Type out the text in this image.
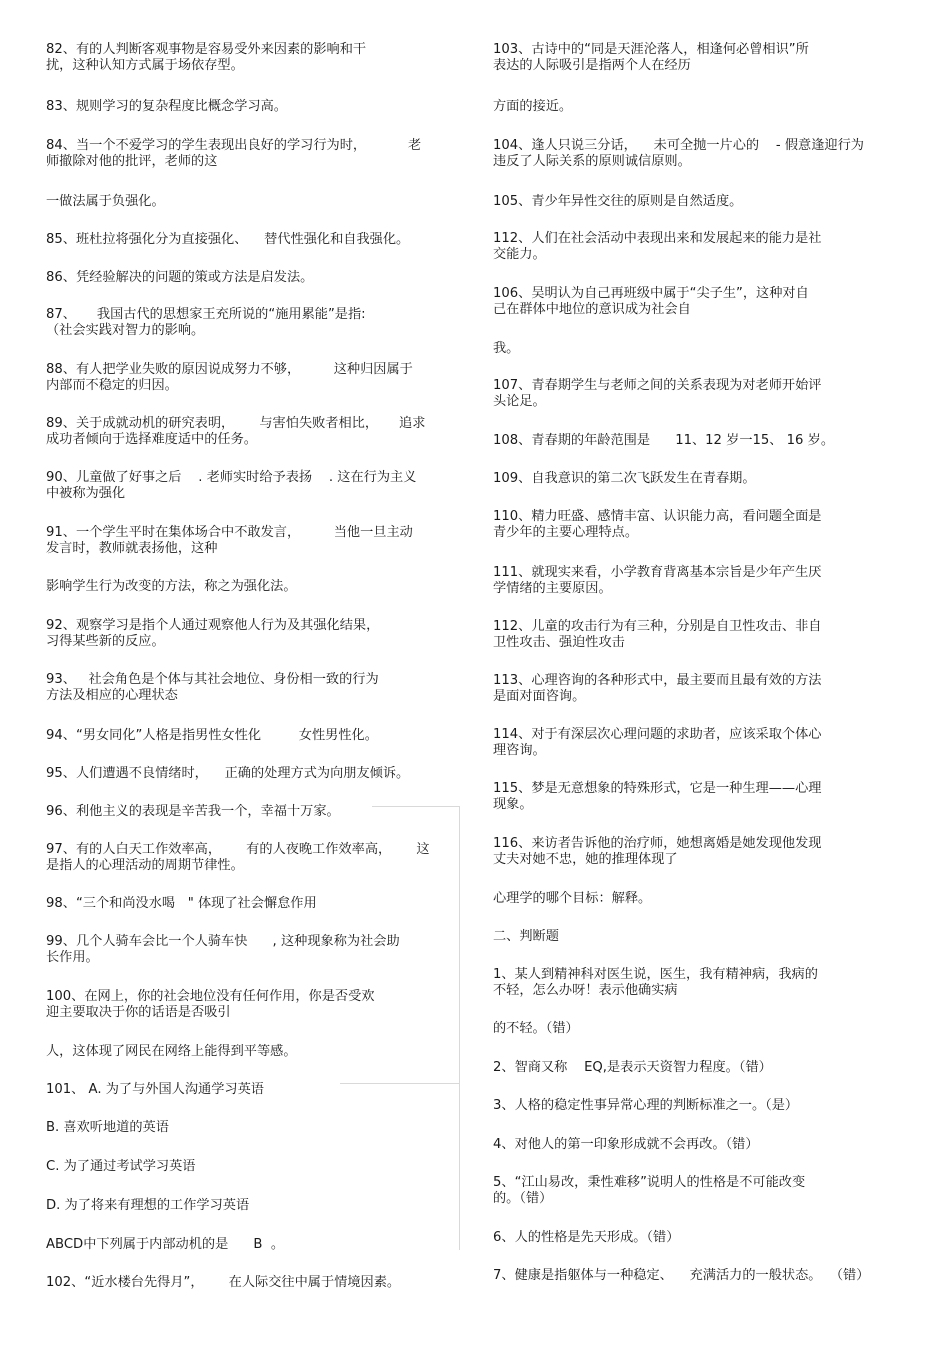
82、有的人判断客观事物是容易受外来因素的影响和干
扰，这种认知方式属于场依存型。
83、规则学习的复杂程度比概念学习高。
84、当一个不爱学习的学生表现出良好的学习行为时，          老
师撤除对他的批评，老师的这
一做法属于负强化。
85、班杜拉将强化分为直接强化、    替代性强化和自我强化。
86、凭经验解决的问题的策或方法是启发法。
87、     我国古代的思想家王充所说的“施用累能”是指:
（社会实践对智力的影响。
88、有人把学业失败的原因说成努力不够，        这种归因属于
内部而不稳定的归因。
89、关于成就动机的研究表明，      与害怕失败者相比，     追求
成功者倾向于选择难度适中的任务。
90、儿童做了好事之后    . 老师实时给予表扬    . 这在行为主义
中被称为强化
91、一个学生平时在集体场合中不敢发言，        当他一旦主动
发言时，教师就表扬他，这种
影响学生行为改变的方法，称之为强化法。
92、观察学习是指个人通过观察他人行为及其强化结果，
习得某些新的反应。
93、   社会角色是个体与其社会地位、身份相一致的行为
方法及相应的心理状态
94、“男女同化”人格是指男性女性化         女性男性化。
95、人们遭遇不良情绪时，    正确的处理方式为向朋友倾诉。
96、利他主义的表现是辛苦我一个，幸福十万家。
97、有的人白天工作效率高，      有的人夜晚工作效率高，      这
是指人的心理活动的周期节律性。
98、“三个和尚没水喝   " 体现了社会懈怠作用
99、几个人骑车会比一个人骑车快      , 这种现象称为社会助
长作用。
100、在网上，你的社会地位没有任何作用，你是否受欢
迎主要取决于你的话语是否吸引
人，这体现了网民在网络上能得到平等感。
101、 A. 为了与外国人沟通学习英语
B. 喜欢听地道的英语
C. 为了通过考试学习英语
D. 为了将来有理想的工作学习英语
ABCD中下列属于内部动机的是      B  。
102、“近水楼台先得月”，      在人际交往中属于情境因素。
103、古诗中的“同是天涯沦落人，相逢何必曾相识”所
表达的人际吸引是指两个人在经历
方面的接近。
104、逢人只说三分话，    未可全抛一片心的    - 假意逢迎行为
违反了人际关系的原则诚信原则。
105、青少年异性交往的原则是自然适度。
112、人们在社会活动中表现出来和发展起来的能力是社
交能力。
106、吴明认为自己再班级中属于“尖子生”，这种对自
己在群体中地位的意识成为社会自
我。
107、青春期学生与老师之间的关系表现为对老师开始评
头论足。
108、青春期的年龄范围是      11、12 岁一15、 16 岁。
109、自我意识的第二次飞跃发生在青春期。
110、精力旺盛、感情丰富、认识能力高，看问题全面是
青少年的主要心理特点。
111、就现实来看，小学教育背离基本宗旨是少年产生厌
学情绪的主要原因。
112、儿童的攻击行为有三种，分别是自卫性攻击、非自
卫性攻击、强迫性攻击
113、心理咨询的各种形式中，最主要而且最有效的方法
是面对面咨询。
114、对于有深层次心理问题的求助者，应该采取个体心
理咨询。
115、梦是无意想象的特殊形式，它是一种生理——心理
现象。
116、来访者告诉他的治疗师，她想离婚是她发现他发现
丈夫对她不忠，她的推理体现了
心理学的哪个目标：解释。
二、判断题
1、某人到精神科对医生说，医生，我有精神病，我病的
不轻，怎么办呀！表示他确实病
的不轻。（错）
2、智商又称    EQ,是表示天资智力程度。（错）
3、人格的稳定性事异常心理的判断标准之一。（是）
4、对他人的第一印象形成就不会再改。（错）
5、“江山易改，秉性难移”说明人的性格是不可能改变
的。（错）
6、人的性格是先天形成。（错）
7、健康是指躯体与一种稳定、    充满活力的一般状态。  （错）
